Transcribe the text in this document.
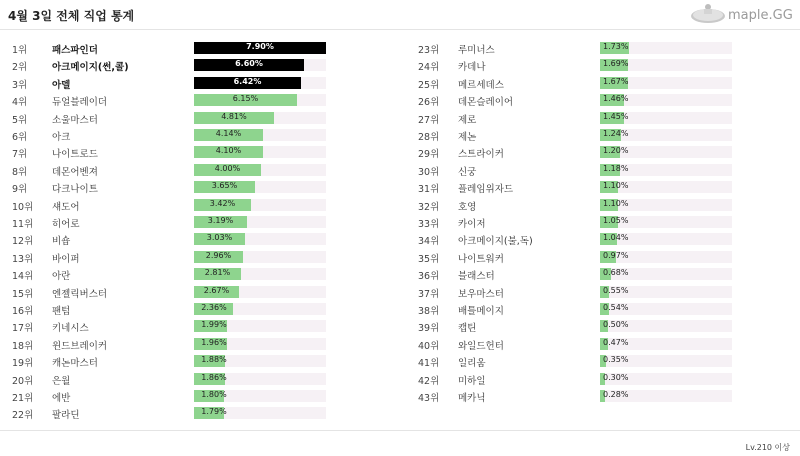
4월 3일 전체 직업 통계	maple.GG
1위	패스파인더	7.90%
2위	아크메이지(썬,콜)	6.60%
3위	아델	6.42%
4위	듀얼블레이더	6.15%
5위	소울마스터	4.81%
6위	아크	4.14%
7위	나이트로드	4.10%
8위	데몬어벤져	4.00%
9위	다크나이트	3.65%
10위 섀도어	3.42%
11위 히어로	3.19%
12위 비숍	3.03%
13위 바이퍼	2.96%
14위 아란	2.81%
15위 엔젤릭버스터	2.67%
16위 팬텀	2.36%
17위 키네시스	1.99%
18위 윈드브레이커	1.96%
19위 캐논마스터	1.88%
20위 은월	1.86%
21위 에반	1.80%
22위 팔라딘	1.79%
23위 루미너스	1.73%
24위 카데나	1.69%
25위 메르세데스	1.67%
26위 데몬슬레이어	1.46%
27위 제로	1.45%
28위 제논	1.24%
29위 스트라이커	1.20%
30위 신궁	1.18%
31위 플레임위자드	1.10%
32위 호영	1.10%
33위 카이저	1.05%
34위 아크메이지(불,독)	1.04%
35위 나이트워커	0.97%
36위 블래스터	0.68%
37위 보우마스터	0.55%
38위 배틀메이지	0.54%
39위 캡틴	0.50%
40위 와일드헌터	0.47%
41위 일리움	0.35%
42위 미하일	0.30%
43위 메카닉	0.28%
Lv.210 이상
